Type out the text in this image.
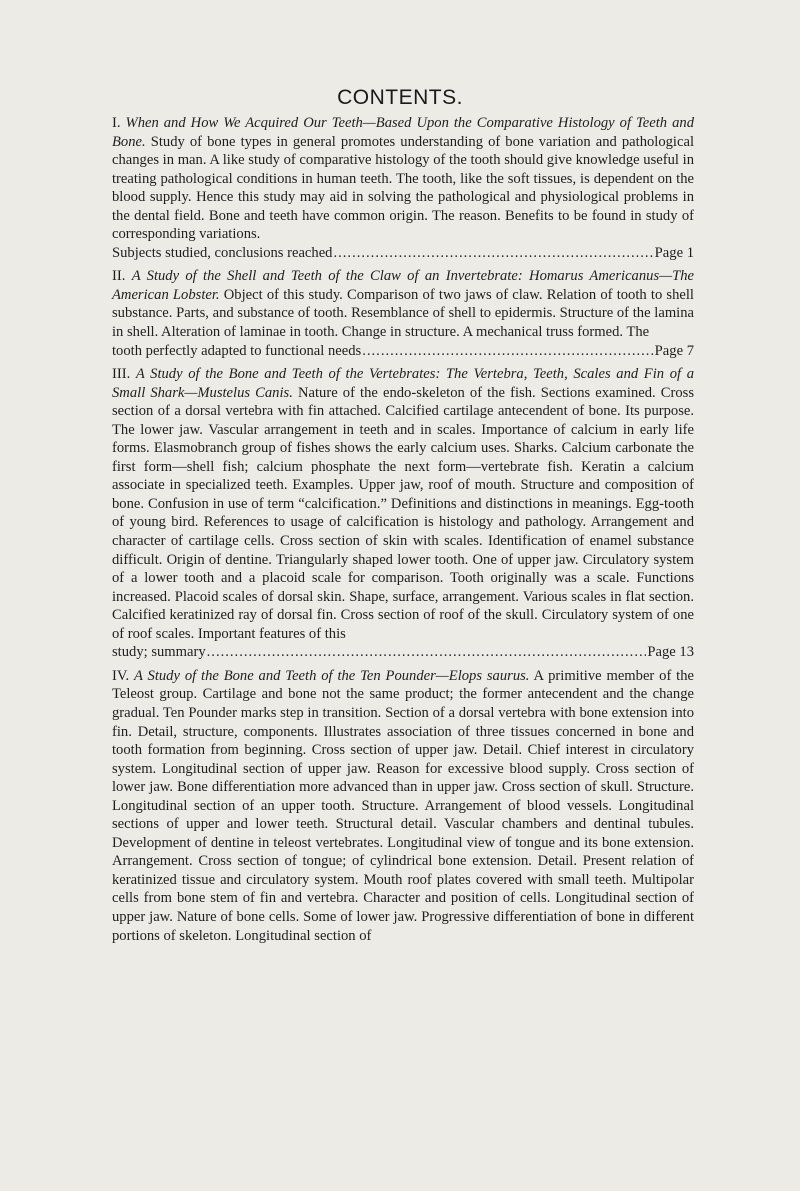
CONTENTS.
I. When and How We Acquired Our Teeth—Based Upon the Comparative Histology of Teeth and Bone. Study of bone types in general promotes understanding of bone variation and pathological changes in man. A like study of comparative histology of the tooth should give knowledge useful in treating pathological conditions in human teeth. The tooth, like the soft tissues, is dependent on the blood supply. Hence this study may aid in solving the pathological and physiological problems in the dental field. Bone and teeth have common origin. The reason. Benefits to be found in study of corresponding variations.
Subjects studied, conclusions reached .....	Page 1
II. A Study of the Shell and Teeth of the Claw of an Invertebrate: Homarus Americanus—The American Lobster. Object of this study. Comparison of two jaws of claw. Relation of tooth to shell substance. Parts, and substance of tooth. Resemblance of shell to epidermis. Structure of the lamina in shell. Alteration of laminae in tooth. Change in structure. A mechanical truss formed. The
tooth perfectly adapted to functional needs .....	Page 7
III. A Study of the Bone and Teeth of the Vertebrates: The Vertebra, Teeth, Scales and Fin of a Small Shark—Mustelus Canis. Nature of the endo-skeleton of the fish. Sections examined. Cross section of a dorsal vertebra with fin attached. Calcified cartilage antecendent of bone. Its purpose. The lower jaw. Vascular arrangement in teeth and in scales. Importance of calcium in early life forms. Elasmobranch group of fishes shows the early calcium uses. Sharks. Calcium carbonate the first form—shell fish; calcium phosphate the next form—vertebrate fish. Keratin a calcium associate in specialized teeth. Examples. Upper jaw, roof of mouth. Structure and composition of bone. Confusion in use of term “calcification.” Definitions and distinctions in meanings. Egg-tooth of young bird. References to usage of calcification is histology and pathology. Arrangement and character of cartilage cells. Cross section of skin with scales. Identification of enamel substance difficult. Origin of dentine. Triangularly shaped lower tooth. One of upper jaw. Circulatory system of a lower tooth and a placoid scale for comparison. Tooth originally was a scale. Functions increased. Placoid scales of dorsal skin. Shape, surface, arrangement. Various scales in flat section. Calcified keratinized ray of dorsal fin. Cross section of roof of the skull. Circulatory system of one of roof scales. Important features of this
study; summary .....	Page 13
IV. A Study of the Bone and Teeth of the Ten Pounder—Elops saurus. A primitive member of the Teleost group. Cartilage and bone not the same product; the former antecendent and the change gradual. Ten Pounder marks step in transition. Section of a dorsal vertebra with bone extension into fin. Detail, structure, components. Illustrates association of three tissues concerned in bone and tooth formation from beginning. Cross section of upper jaw. Detail. Chief interest in circulatory system. Longitudinal section of upper jaw. Reason for excessive blood supply. Cross section of lower jaw. Bone differentiation more advanced than in upper jaw. Cross section of skull. Structure. Longitudinal section of an upper tooth. Structure. Arrangement of blood vessels. Longitudinal sections of upper and lower teeth. Structural detail. Vascular chambers and dentinal tubules. Development of dentine in teleost vertebrates. Longitudinal view of tongue and its bone extension. Arrangement. Cross section of tongue; of cylindrical bone extension. Detail. Present relation of keratinized tissue and circulatory system. Mouth roof plates covered with small teeth. Multipolar cells from bone stem of fin and vertebra. Character and position of cells. Longitudinal section of upper jaw. Nature of bone cells. Some of lower jaw. Progressive differentiation of bone in different portions of skeleton. Longitudinal section of
